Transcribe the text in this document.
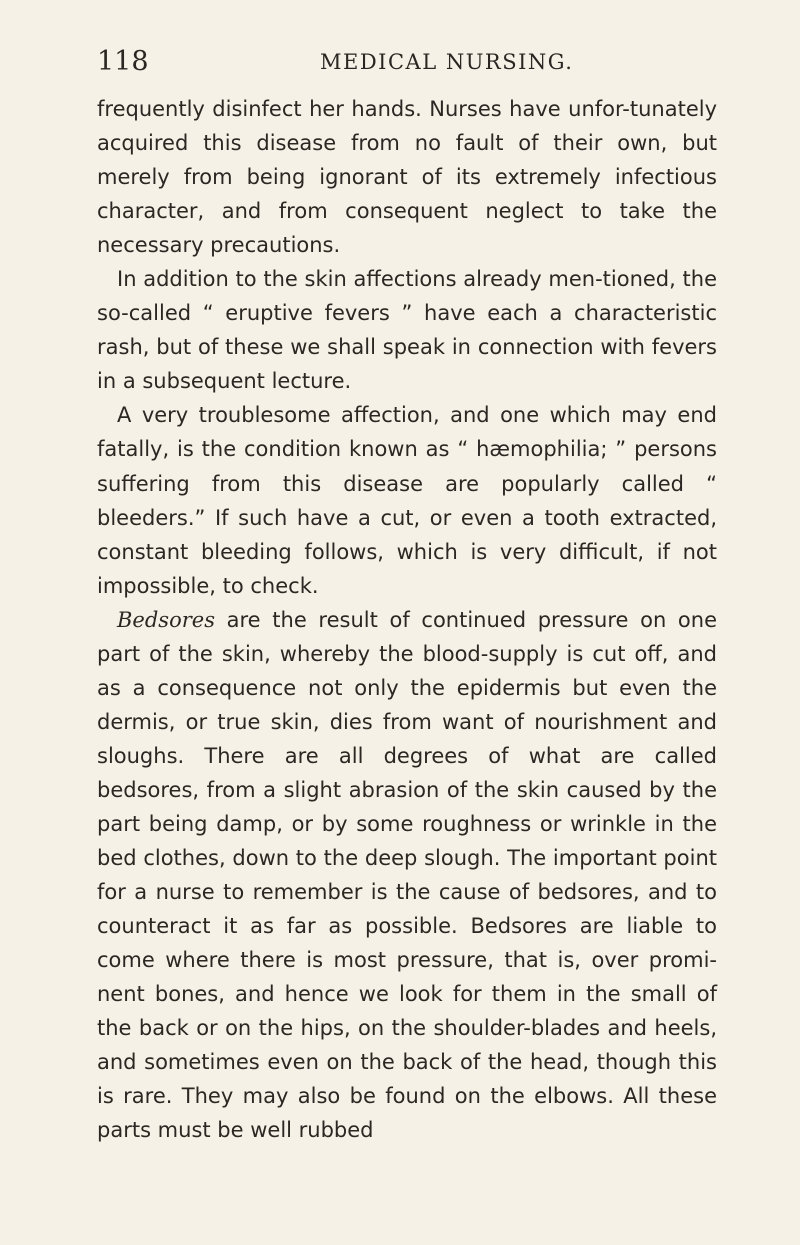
118	MEDICAL NURSING.

frequently disinfect her hands. Nurses have unfor-tunately acquired this disease from no fault of their own, but merely from being ignorant of its extremely infectious character, and from consequent neglect to take the necessary precautions.

In addition to the skin affections already men-tioned, the so-called “ eruptive fevers ” have each a characteristic rash, but of these we shall speak in connection with fevers in a subsequent lecture.

A very troublesome affection, and one which may end fatally, is the condition known as “ hæmophilia; ” persons suffering from this disease are popularly called “ bleeders.” If such have a cut, or even a tooth extracted, constant bleeding follows, which is very difficult, if not impossible, to check.

Bedsores are the result of continued pressure on one part of the skin, whereby the blood-supply is cut off, and as a consequence not only the epidermis but even the dermis, or true skin, dies from want of nourishment and sloughs. There are all degrees of what are called bedsores, from a slight abrasion of the skin caused by the part being damp, or by some roughness or wrinkle in the bed clothes, down to the deep slough. The important point for a nurse to remember is the cause of bedsores, and to counteract it as far as possible. Bedsores are liable to come where there is most pressure, that is, over promi-nent bones, and hence we look for them in the small of the back or on the hips, on the shoulder-blades and heels, and sometimes even on the back of the head, though this is rare. They may also be found on the elbows. All these parts must be well rubbed
